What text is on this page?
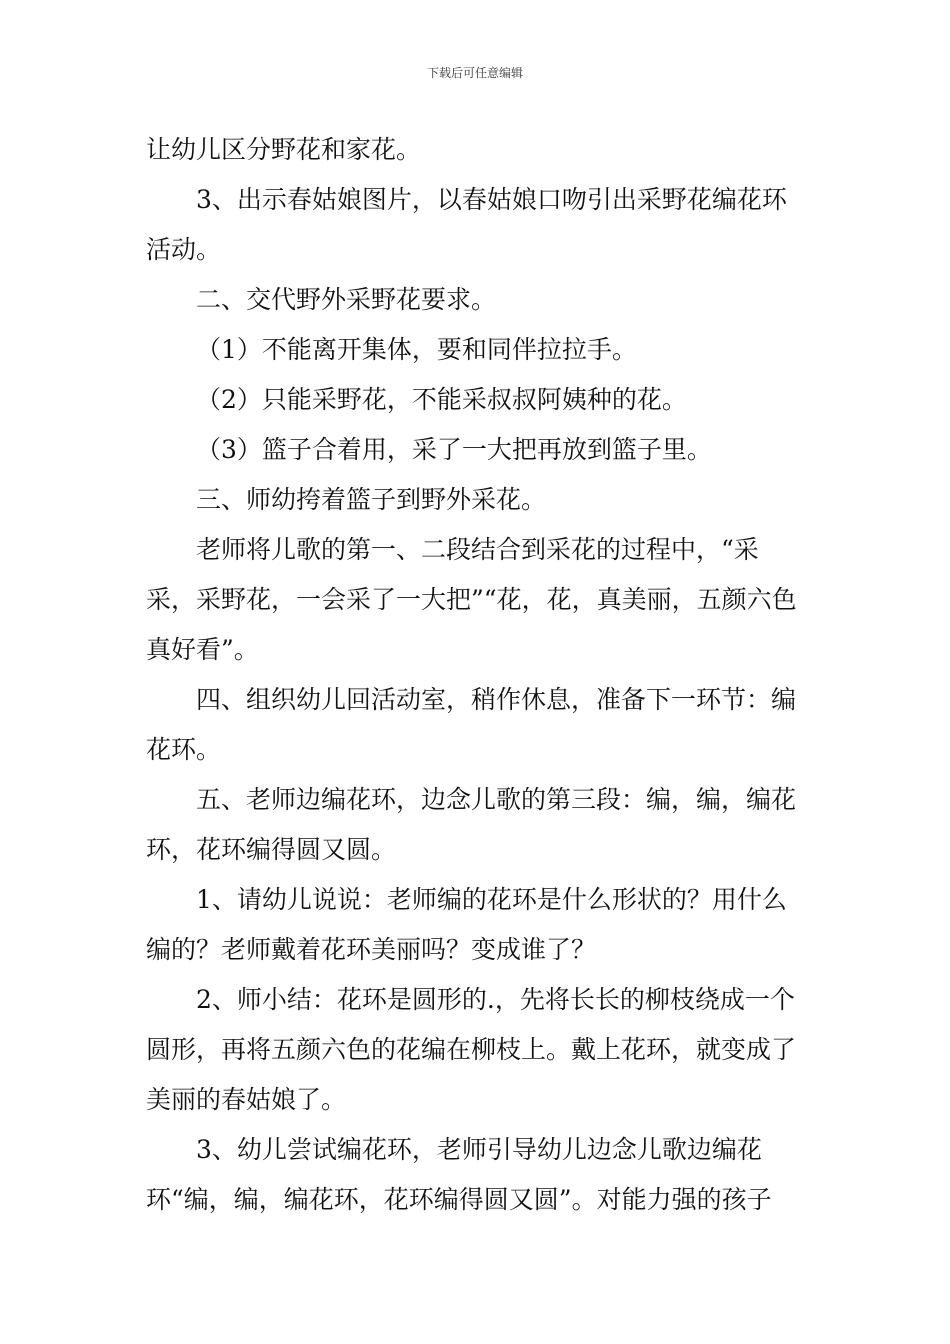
下载后可任意编辑

让幼儿区分野花和家花。

3、出示春姑娘图片，以春姑娘口吻引出采野花编花环活动。

二、交代野外采野花要求。

（1）不能离开集体，要和同伴拉拉手。

（2）只能采野花，不能采叔叔阿姨种的花。

（3）篮子合着用，采了一大把再放到篮子里。

三、师幼挎着篮子到野外采花。

老师将儿歌的第一、二段结合到采花的过程中，“采采，采野花，一会采了一大把”“花，花，真美丽，五颜六色真好看”。

四、组织幼儿回活动室，稍作休息，准备下一环节：编花环。

五、老师边编花环，边念儿歌的第三段：编，编，编花环，花环编得圆又圆。

1、请幼儿说说：老师编的花环是什么形状的？用什么编的？老师戴着花环美丽吗？变成谁了？

2、师小结：花环是圆形的.，先将长长的柳枝绕成一个圆形，再将五颜六色的花编在柳枝上。戴上花环，就变成了美丽的春姑娘了。

3、幼儿尝试编花环，老师引导幼儿边念儿歌边编花环“编，编，编花环，花环编得圆又圆”。对能力强的孩子
